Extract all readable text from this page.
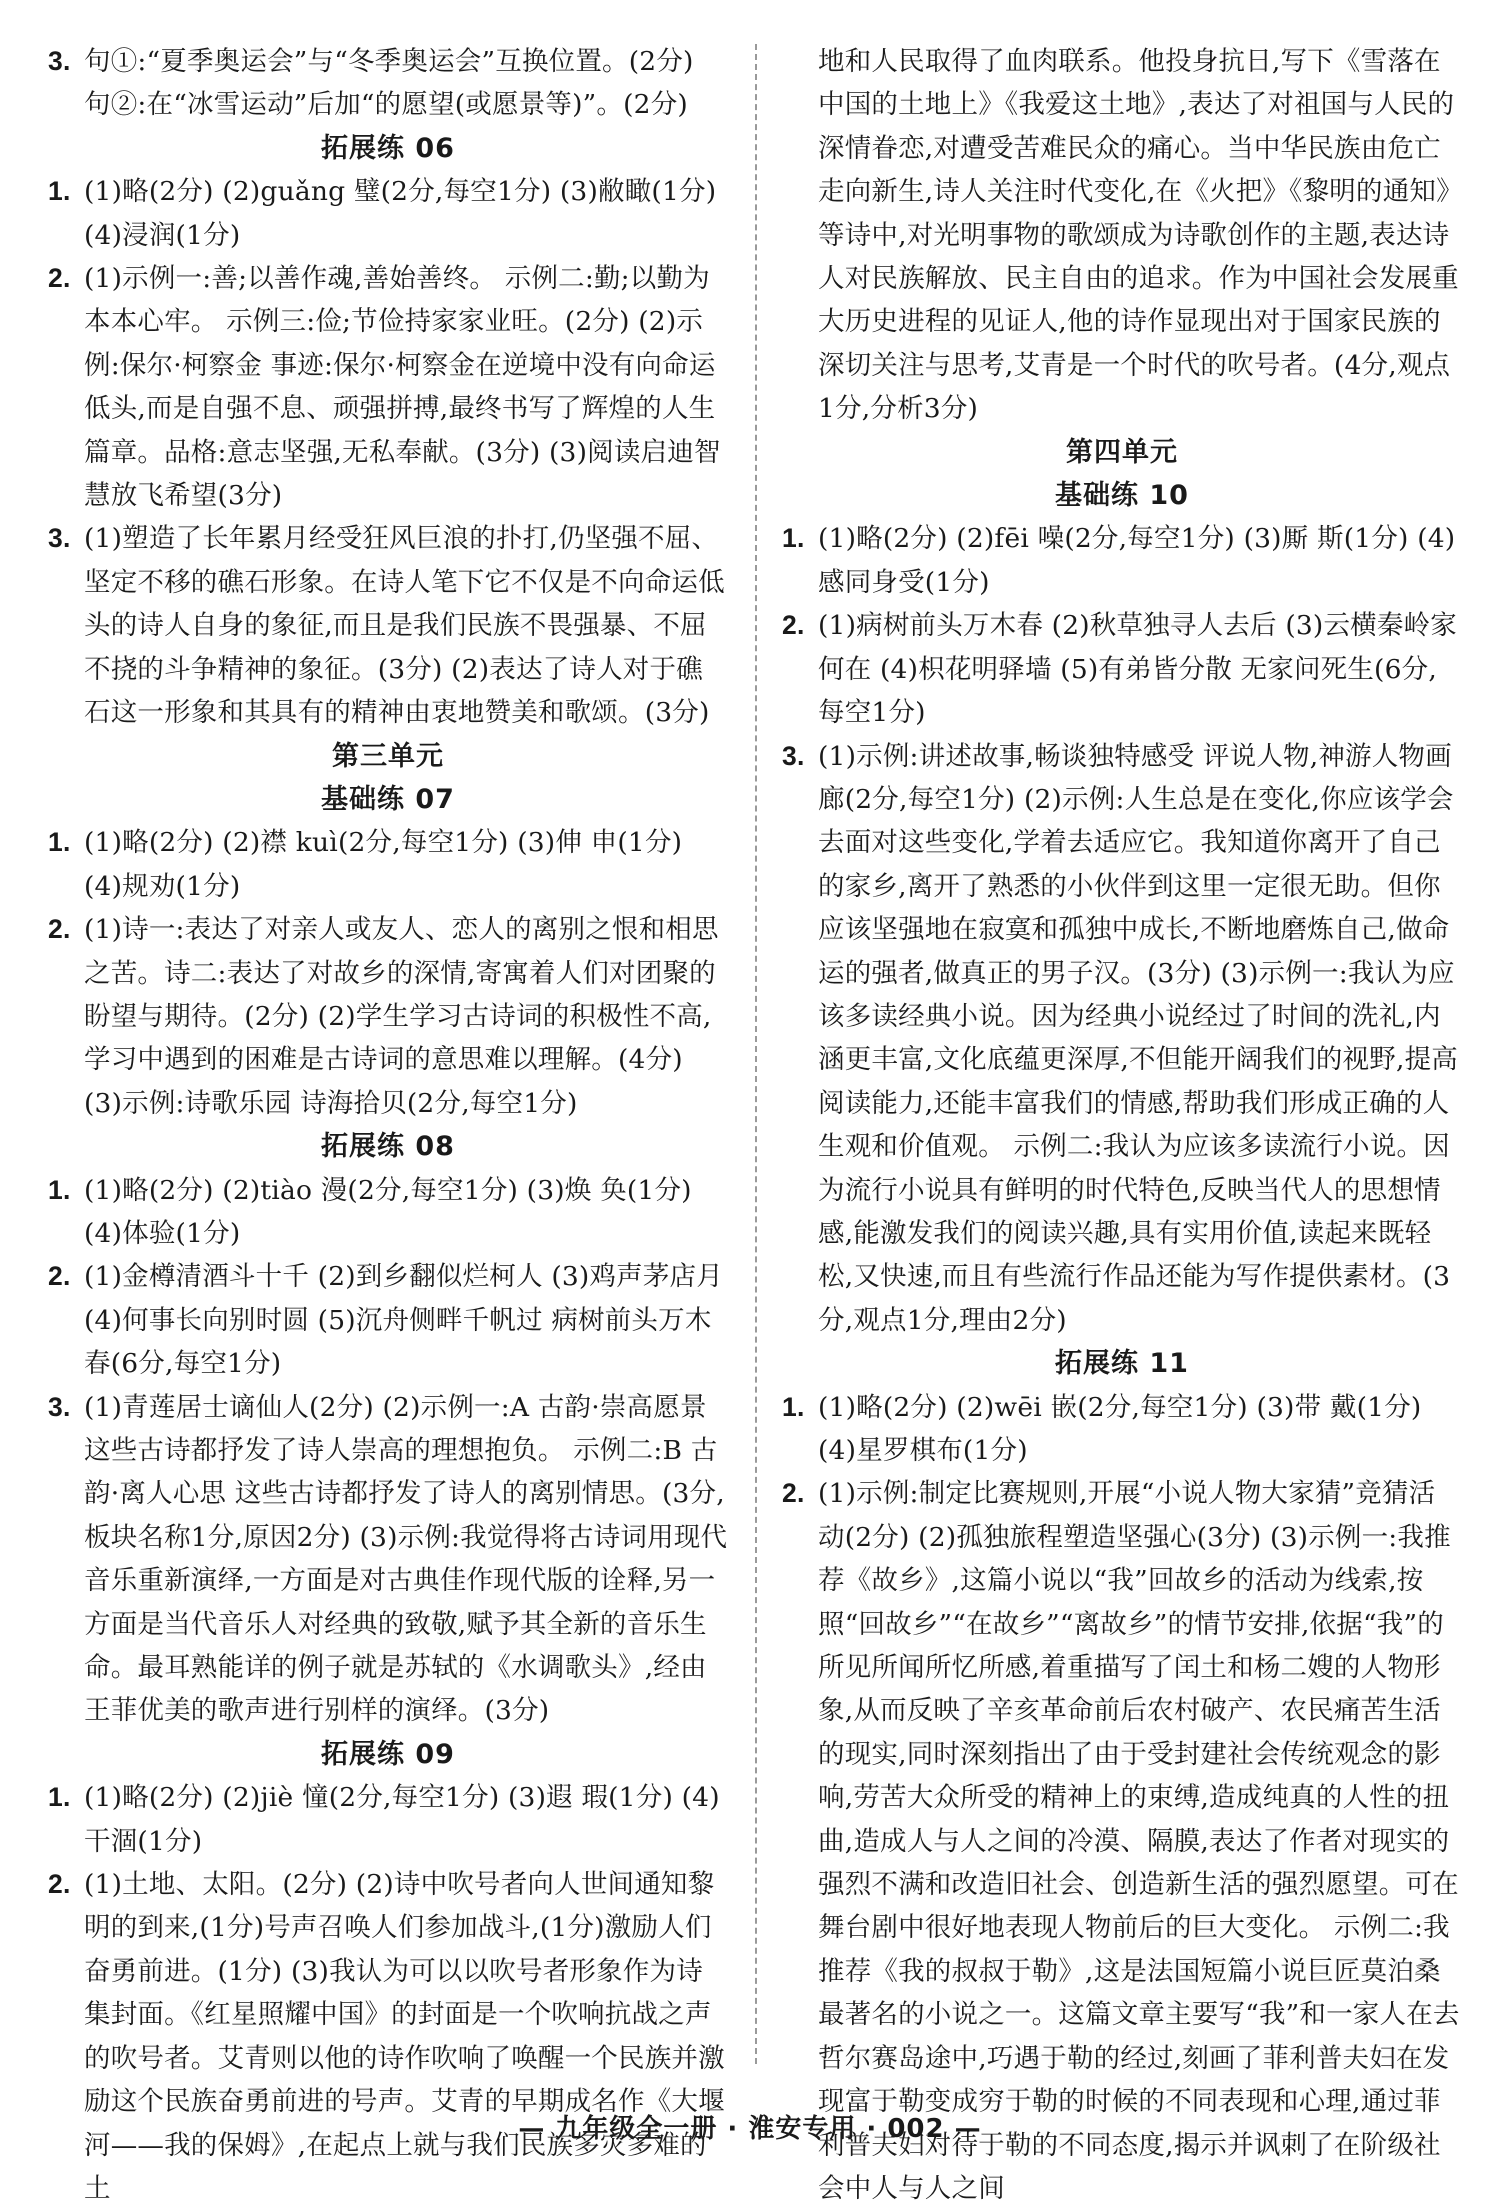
3. 句①:“夏季奥运会”与“冬季奥运会”互换位置。(2分)
句②:在“冰雪运动”后加“的愿望(或愿景等)”。(2分)
拓展练 06
1. (1)略(2分) (2)guǎng 璧(2分,每空1分) (3)敝瞰(1分) (4)浸润(1分)
2. (1)示例一:善;以善作魂,善始善终。 示例二:勤;以勤为本本心牢。 示例三:俭;节俭持家家业旺。(2分) (2)示例:保尔·柯察金 事迹:保尔·柯察金在逆境中没有向命运低头,而是自强不息、顽强拼搏,最终书写了辉煌的人生篇章。品格:意志坚强,无私奉献。(3分) (3)阅读启迪智慧放飞希望(3分)
3. (1)塑造了长年累月经受狂风巨浪的扑打,仍坚强不屈、坚定不移的礁石形象。在诗人笔下它不仅是不向命运低头的诗人自身的象征,而且是我们民族不畏强暴、不屈不挠的斗争精神的象征。(3分) (2)表达了诗人对于礁石这一形象和其具有的精神由衷地赞美和歌颂。(3分)
第三单元
基础练 07
1. (1)略(2分) (2)襟 kuì(2分,每空1分) (3)伸 申(1分) (4)规劝(1分)
2. (1)诗一:表达了对亲人或友人、恋人的离别之恨和相思之苦。诗二:表达了对故乡的深情,寄寓着人们对团聚的盼望与期待。(2分) (2)学生学习古诗词的积极性不高,学习中遇到的困难是古诗词的意思难以理解。(4分) (3)示例:诗歌乐园 诗海拾贝(2分,每空1分)
拓展练 08
1. (1)略(2分) (2)tiào 漫(2分,每空1分) (3)焕 奂(1分) (4)体验(1分)
2. (1)金樽清酒斗十千 (2)到乡翻似烂柯人 (3)鸡声茅店月 (4)何事长向别时圆 (5)沉舟侧畔千帆过 病树前头万木春(6分,每空1分)
3. (1)青莲居士谪仙人(2分) (2)示例一:A 古韵·崇高愿景 这些古诗都抒发了诗人崇高的理想抱负。 示例二:B 古韵·离人心思 这些古诗都抒发了诗人的离别情思。(3分,板块名称1分,原因2分) (3)示例:我觉得将古诗词用现代音乐重新演绎,一方面是对古典佳作现代版的诠释,另一方面是当代音乐人对经典的致敬,赋予其全新的音乐生命。最耳熟能详的例子就是苏轼的《水调歌头》,经由王菲优美的歌声进行别样的演绎。(3分)
拓展练 09
1. (1)略(2分) (2)jiè 憧(2分,每空1分) (3)遐 瑕(1分) (4)干涸(1分)
2. (1)土地、太阳。(2分) (2)诗中吹号者向人世间通知黎明的到来,(1分)号声召唤人们参加战斗,(1分)激励人们奋勇前进。(1分) (3)我认为可以以吹号者形象作为诗集封面。《红星照耀中国》的封面是一个吹响抗战之声的吹号者。艾青则以他的诗作吹响了唤醒一个民族并激励这个民族奋勇前进的号声。艾青的早期成名作《大堰河——我的保姆》,在起点上就与我们民族多灾多难的土
地和人民取得了血肉联系。他投身抗日,写下《雪落在中国的土地上》《我爱这土地》,表达了对祖国与人民的深情眷恋,对遭受苦难民众的痛心。当中华民族由危亡走向新生,诗人关注时代变化,在《火把》《黎明的通知》等诗中,对光明事物的歌颂成为诗歌创作的主题,表达诗人对民族解放、民主自由的追求。作为中国社会发展重大历史进程的见证人,他的诗作显现出对于国家民族的深切关注与思考,艾青是一个时代的吹号者。(4分,观点1分,分析3分)
第四单元
基础练 10
1. (1)略(2分) (2)fēi 噪(2分,每空1分) (3)厮 斯(1分) (4)感同身受(1分)
2. (1)病树前头万木春 (2)秋草独寻人去后 (3)云横秦岭家何在 (4)枳花明驿墙 (5)有弟皆分散 无家问死生(6分,每空1分)
3. (1)示例:讲述故事,畅谈独特感受 评说人物,神游人物画廊(2分,每空1分) (2)示例:人生总是在变化,你应该学会去面对这些变化,学着去适应它。我知道你离开了自己的家乡,离开了熟悉的小伙伴到这里一定很无助。但你应该坚强地在寂寞和孤独中成长,不断地磨炼自己,做命运的强者,做真正的男子汉。(3分) (3)示例一:我认为应该多读经典小说。因为经典小说经过了时间的洗礼,内涵更丰富,文化底蕴更深厚,不但能开阔我们的视野,提高阅读能力,还能丰富我们的情感,帮助我们形成正确的人生观和价值观。 示例二:我认为应该多读流行小说。因为流行小说具有鲜明的时代特色,反映当代人的思想情感,能激发我们的阅读兴趣,具有实用价值,读起来既轻松,又快速,而且有些流行作品还能为写作提供素材。(3分,观点1分,理由2分)
拓展练 11
1. (1)略(2分) (2)wēi 嵌(2分,每空1分) (3)带 戴(1分) (4)星罗棋布(1分)
2. (1)示例:制定比赛规则,开展“小说人物大家猜”竞猜活动(2分) (2)孤独旅程塑造坚强心(3分) (3)示例一:我推荐《故乡》,这篇小说以“我”回故乡的活动为线索,按照“回故乡”“在故乡”“离故乡”的情节安排,依据“我”的所见所闻所忆所感,着重描写了闰土和杨二嫂的人物形象,从而反映了辛亥革命前后农村破产、农民痛苦生活的现实,同时深刻指出了由于受封建社会传统观念的影响,劳苦大众所受的精神上的束缚,造成纯真的人性的扭曲,造成人与人之间的冷漠、隔膜,表达了作者对现实的强烈不满和改造旧社会、创造新生活的强烈愿望。可在舞台剧中很好地表现人物前后的巨大变化。 示例二:我推荐《我的叔叔于勒》,这是法国短篇小说巨匠莫泊桑最著名的小说之一。这篇文章主要写“我”和一家人在去哲尔赛岛途中,巧遇于勒的经过,刻画了菲利普夫妇在发现富于勒变成穷于勒的时候的不同表现和心理,通过菲利普夫妇对待于勒的不同态度,揭示并讽刺了在阶级社会中人与人之间
— 九年级全一册 · 淮安专用 · 002 —
